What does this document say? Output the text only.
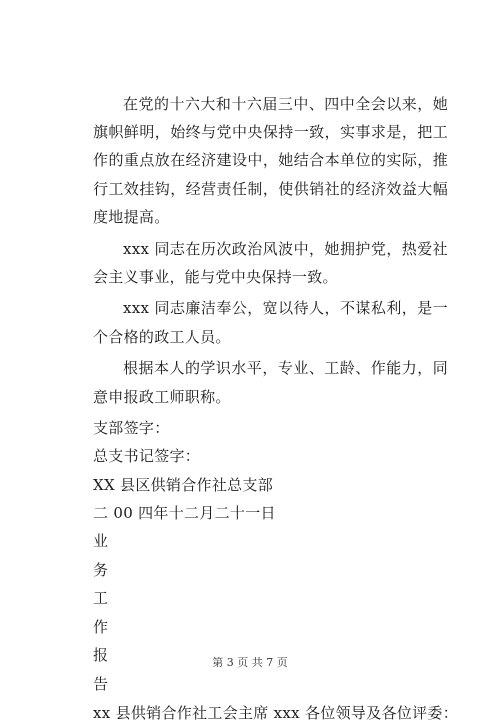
在党的十六大和十六届三中、四中全会以来，她旗帜鲜明，始终与党中央保持一致，实事求是，把工作的重点放在经济建设中，她结合本单位的实际，推行工效挂钩，经营责任制，使供销社的经济效益大幅度地提高。

xxx 同志在历次政治风波中，她拥护党，热爱社会主义事业，能与党中央保持一致。

xxx 同志廉洁奉公，宽以待人，不谋私利，是一个合格的政工人员。

根据本人的学识水平，专业、工龄、作能力，同意申报政工师职称。

支部签字：

总支书记签字：

XX 县区供销合作社总支部

二 00 四年十二月二十一日

业

务

工

作

报

告

xx 县供销合作社工会主席 xxx 各位领导及各位评委：

第 3 页 共 7 页
